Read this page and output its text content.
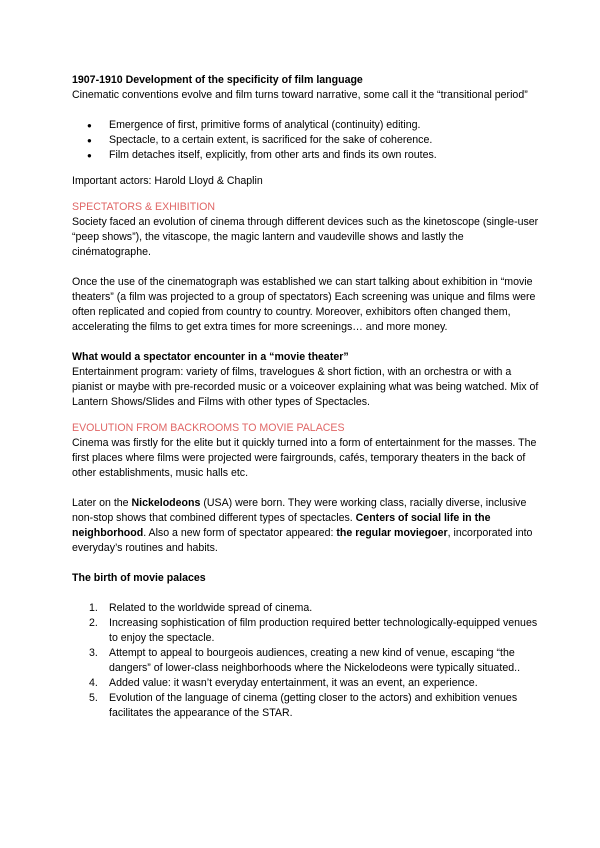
1907-1910 Development of the specificity of film language

Cinematic conventions evolve and film turns toward narrative, some call it the “transitional period”

● Emergence of first, primitive forms of analytical (continuity) editing.
● Spectacle, to a certain extent, is sacrificed for the sake of coherence.
● Film detaches itself, explicitly, from other arts and finds its own routes.

Important actors: Harold Lloyd & Chaplin

SPECTATORS & EXHIBITION

Society faced an evolution of cinema through different devices such as the kinetoscope (single-user “peep shows”), the vitascope, the magic lantern and vaudeville shows and lastly the cinématographe.

Once the use of the cinematograph was established we can start talking about exhibition in “movie theaters” (a film was projected to a group of spectators) Each screening was unique and films were often replicated and copied from country to country. Moreover, exhibitors often changed them, accelerating the films to get extra times for more screenings… and more money.

What would a spectator encounter in a “movie theater”

Entertainment program: variety of films, travelogues & short fiction, with an orchestra or with a pianist or maybe with pre-recorded music or a voiceover explaining what was being watched. Mix of Lantern Shows/Slides and Films with other types of Spectacles.

EVOLUTION FROM BACKROOMS TO MOVIE PALACES

Cinema was firstly for the elite but it quickly turned into a form of entertainment for the masses. The first places where films were projected were fairgrounds, cafés, temporary theaters in the back of other establishments, music halls etc.

Later on the Nickelodeons (USA) were born. They were working class, racially diverse, inclusive non-stop shows that combined different types of spectacles. Centers of social life in the neighborhood. Also a new form of spectator appeared: the regular moviegoer, incorporated into everyday’s routines and habits.

The birth of movie palaces

1. Related to the worldwide spread of cinema.
2. Increasing sophistication of film production required better technologically-equipped venues to enjoy the spectacle.
3. Attempt to appeal to bourgeois audiences, creating a new kind of venue, escaping “the dangers” of lower-class neighborhoods where the Nickelodeons were typically situated..
4. Added value: it wasn’t everyday entertainment, it was an event, an experience.
5. Evolution of the language of cinema (getting closer to the actors) and exhibition venues facilitates the appearance of the STAR.
